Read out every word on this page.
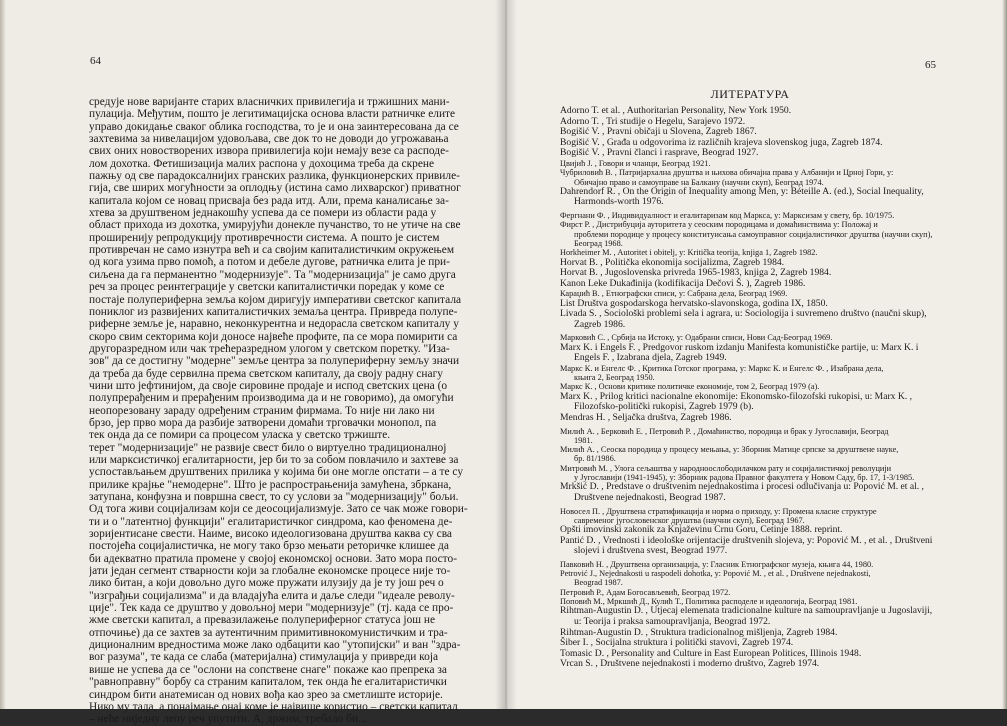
64
средује нове варијанте старих власничких привилегија и тржишних мани-
пулација. Међутим, пошто је легитимацијска основа власти ратничке елите
управо докидање сваког облика господства, то је и она заинтересована да се
захтевима за нивелацијом удовољава, све док то не доводи до угрожавања
свих оних новостворених извора привилегија који немају везе са расподе-
лом дохотка. Фетишизација малих распона у дохоцима треба да скрене
пажњу од све парадоксалнијих гранских разлика, функционерских привиле-
гија, све ширих могућности за оплодњу (истина само лихварског) приватног
капитала којом се новац присваја без рада итд. Али, према каналисање за-
хтева за друштвеном једнакошћу успева да се помери из области рада у
област прихода из дохотка, умирујући донекле пучанство, то не утиче на све
проширенију репродукцију противречности система. А пошто је систем
противречан не само изнутра већ и са својим капиталистичким окружењем
од кога узима прво помоћ, а потом и дебеле дугове, ратничка елита је при-
сиљена да га перманентно "модернизује". Та "модернизација" је само друга
реч за процес реинтеграције у светски капиталистички поредак у коме се
постаје полупериферна земља којом диригују императиви светског капитала
пониклог из развијених капиталистичких земаља центра. Привреда полупе-
риферне земље је, наравно, неконкурентна и недорасла светском капиталу у
скоро свим секторима који доносе највеће профите, па се мора помирити са
другоразредном или чак трећеразредном улогом у светском поретку. "Иза-
зов" да се достигну "модерне" земље центра за полупериферну земљу значи
да треба да буде сервилна према светском капиталу, да своју радну снагу
чини што јефтинијом, да своје сировине продаје и испод светских цена (о
полупрерађеним и прерађеним производима да и не говоримо), да омогући
неопорезовану зараду одређеним страним фирмама. То није ни лако ни
брзо, јер прво мора да разбије затворени домаћи трговачки монопол, па
тек онда да се помири са процесом уласка у светско тржиште.
терет "модернизације" не развије свест било о виртуелно традиционалној
или марксистичкој егалитарности, јер би то за собом повлачило и захтеве за
успостављањем друштвених прилика у којима би оне могле опстати – а те су
прилике крајње "немодерне". Што је распрострањенија замућена, збркана,
затупана, конфузна и површна свест, то су услови за "модернизацију" бољи.
Од тога живи социјализам који се деосоцијализмује. Зато се чак може говори-
ти и о "латентној функцији" егалитаристичког синдрома, као феномена де-
зоријентисане свести. Наиме, високо идеологизована друштва каква су сва
постојећа социјалистичка, не могу тако брзо мењати реторичке клишее да
би адекватно пратила промене у својој економској основи. Зато мора посто-
јати један сегмент стварности који за глобалне економске процесе није то-
лико битан, а који довољно дуго може пружати илузију да је ту још реч о
"изграђњи социјализма" и да владајућа елита и даље следи "идеале револу-
ције". Тек када се друштво у довољној мери "модернизује" (тј. када се про-
жме светски капитал, а превазилажење полупериферног статуса још не
отпочиње) да се захтев за аутентичним примитивнокомунистичким и тра-
диционалним вредностима може лако одбацити као "утопијски" и ван "здра-
вог разума", те када се слаба (материјална) стимулација у привреди која
више не успева да се "ослони на сопствене снаге" покаже као препрека за
"равноправну" борбу са страним капиталом, тек онда ће егалитаристички
синдром бити анатемисан од нових вођа као зрео за сметлиште историје.
Нико му тада, а понајмање онај коме је највише користио – светски капитал
– неће ниједну лепу реч упутити. А, држим, требало би...
65
ЛИТЕРАТУРА
Adorno T. et al. , Authoritarian Personality, New York 1950.
Adorno T. , Tri studije o Hegelu, Sarajevo 1972.
Bogišić V. , Pravni običaji u Slovena, Zagreb 1867.
Bogišić V. , Građa u odgovorima iz različnih krajeva slovenskog juga, Zagreb 1874.
Bogišić V. , Pravni članci i rasprave, Beograd 1927.
Цвијић Ј. , Говори и чланци, Београд 1921.
Чубриловић В. , Патријархална друштва и њихова обичајна права у Албанији и Црној Гори, у:
Обичајно право и самоуправе на Балкану (научни скуп), Београд 1974.
Dahrendorf R. , On the Origin of Inequality among Men, у: Béteille A. (ed.), Social Inequality,
Harmonds-worth 1976.
Фергнани Ф. , Индивидуалност и егалитаризам код Маркса, у: Марксизам у свету, бр. 10/1975.
Фирст Р. , Дистрибуција ауторитета у сеоским породицама и домаћинствима у: Положај и
проблеми породице у процесу конституисања самоуправног социјалистичког друштва (научни скуп), Београд 1968.
Horkheimer M. , Autoritet i obitelj, у: Kritička teorija, knjiga 1, Zagreb 1982.
Horvat B. , Politička ekonomija socijalizma, Zagreb 1984.
Horvat B. , Jugoslovenska privreda 1965-1983, knjiga 2, Zagreb 1984.
Kanon Leke Dukađinija (kodifikacija Dečovi Š. ), Zagreb 1986.
Караџић В. , Етнографски списи, у: Сабрана дела, Београд 1969.
List Društva gospodarskoga hervatsko-slavonskoga, godina IX, 1850.
Livada S. , Sociološki problemi sela i agrara, u: Sociologija i suvremeno društvo (naučni skup),
Zagreb 1986.
Марковић С. , Србија на Истоку, у: Одабрани списи, Нови Сад-Београд 1969.
Marx K. i Engels F. , Predgovor ruskom izdanju Manifesta komunističke partije, u: Marx K. i
Engels F. , Izabrana djela, Zagreb 1949.
Маркс К. и Енгелс Ф. , Критика Готског програма, у: Маркс К. и Енгелс Ф. , Изабрана дела,
књига 2, Београд 1950.
Маркс К. , Основи критике политичке економије, том 2, Београд 1979 (а).
Marx K. , Prilog kritici nacionalne ekonomije: Ekonomsko-filozofski rukopisi, u: Marx K. ,
Filozofsko-politički rukopisi, Zagreb 1979 (b).
Mendras H. , Seljačka društva, Zagreb 1986.
Милић А. , Берковић Е. , Петровић Р. , Домаћинство, породица и брак у Југославији, Београд
1981.
Милић А. , Сеоска породица у процесу мењања, у: Зборник Матице српске за друштвене науке,
бр. 81/1986.
Митровић М. , Улога сељаштва у народноослободилачком рату и социјалистичкој револуцији
у Југославији (1941-1945), у: Зборник радова Правног факултета у Новом Саду, бр. 17, 1-3/1985.
Mrkšić D. , Predstave o društvenim nejednakostima i procesi odlučivanja u: Popović M. et al. ,
Društvene nejednakosti, Beograd 1987.
Новосел П. , Друштвена стратификација и норма о приходу, у: Промена класне структуре
савременог југословенског друштва (научни скуп), Београд 1967.
Opšti imovinski zakonik za Knjaževinu Crnu Goru, Cetinje 1888. reprint.
Pantić D. , Vrednosti i ideološke orijentacije društvenih slojeva, у: Popović M. , et al. , Društveni
slojevi i društvena svest, Beograd 1977.
Павковић Н. , Друштвена организација, у: Гласник Етнографског музеја, књига 44, 1980.
Petrović J., Nejednakosti u raspodeli dohotka, у: Popović M. , et al. , Društvene nejednakosti,
Beograd 1987.
Петровић Р., Адам Богосављевић, Београд 1972.
Поповић М., Мркшић Д., Кулић Т., Политика расподеле и идеологија, Београд 1981.
Rihtman-Augustin D. , Utjecaj elemenata tradicionalne kulture na samoupravljanje u Jugoslaviji,
u: Teorija i praksa samoupravljanja, Beograd 1972.
Rihtman-Augustin D. , Struktura tradicionalnog mišljenja, Zagreb 1984.
Šiber I. , Socijalna struktura i politički stavovi, Zagreb 1974.
Tomasic D. , Personality and Culture in East European Politices, Illinois 1948.
Vrcan S. , Društvene nejednakosti i moderno društvo, Zagreb 1974.
